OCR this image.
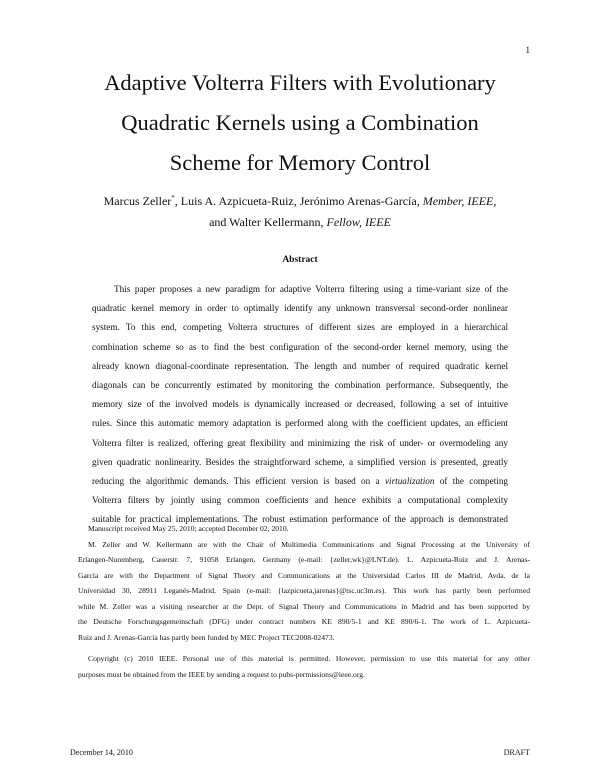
1
Adaptive Volterra Filters with Evolutionary
Quadratic Kernels using a Combination
Scheme for Memory Control
Marcus Zeller*, Luis A. Azpicueta-Ruiz, Jerónimo Arenas-García, Member, IEEE,
and Walter Kellermann, Fellow, IEEE
Abstract
This paper proposes a new paradigm for adaptive Volterra filtering using a time-variant size of the
quadratic kernel memory in order to optimally identify any unknown transversal second-order nonlinear
system. To this end, competing Volterra structures of different sizes are employed in a hierarchical
combination scheme so as to find the best configuration of the second-order kernel memory, using the
already known diagonal-coordinate representation. The length and number of required quadratic kernel
diagonals can be concurrently estimated by monitoring the combination performance. Subsequently, the
memory size of the involved models is dynamically increased or decreased, following a set of intuitive
rules. Since this automatic memory adaptation is performed along with the coefficient updates, an efficient
Volterra filter is realized, offering great flexibility and minimizing the risk of under- or overmodeling any
given quadratic nonlinearity. Besides the straightforward scheme, a simplified version is presented, greatly
reducing the algorithmic demands. This efficient version is based on a virtualization of the competing
Volterra filters by jointly using common coefficients and hence exhibits a computational complexity
suitable for practical implementations. The robust estimation performance of the approach is demonstrated
Manuscript received May 25, 2010; accepted December 02, 2010.
M. Zeller and W. Kellermann are with the Chair of Multimedia Communications and Signal Processing at the University of
Erlangen-Nuremberg, Cauerstr. 7, 91058 Erlangen, Germany (e-mail: {zeller,wk}@LNT.de). L. Azpicueta-Ruiz and J. Arenas-
García are with the Department of Signal Theory and Communications at the Universidad Carlos III de Madrid, Avda. de la
Universidad 30, 28911 Leganés-Madrid, Spain (e-mail: {lazpicueta,jarenas}@tsc.uc3m.es). This work has partly been performed
while M. Zeller was a visiting researcher at the Dept. of Signal Theory and Communications in Madrid and has been supported by
the Deutsche Forschungsgemeinschaft (DFG) under contract numbers KE 890/5-1 and KE 890/6-1. The work of L. Azpicueta-
Ruiz and J. Arenas-García has partly been funded by MEC Project TEC2008-02473.
Copyright (c) 2010 IEEE. Personal use of this material is permitted. However, permission to use this material for any other
purposes must be obtained from the IEEE by sending a request to pubs-permissions@ieee.org.
December 14, 2010	DRAFT
